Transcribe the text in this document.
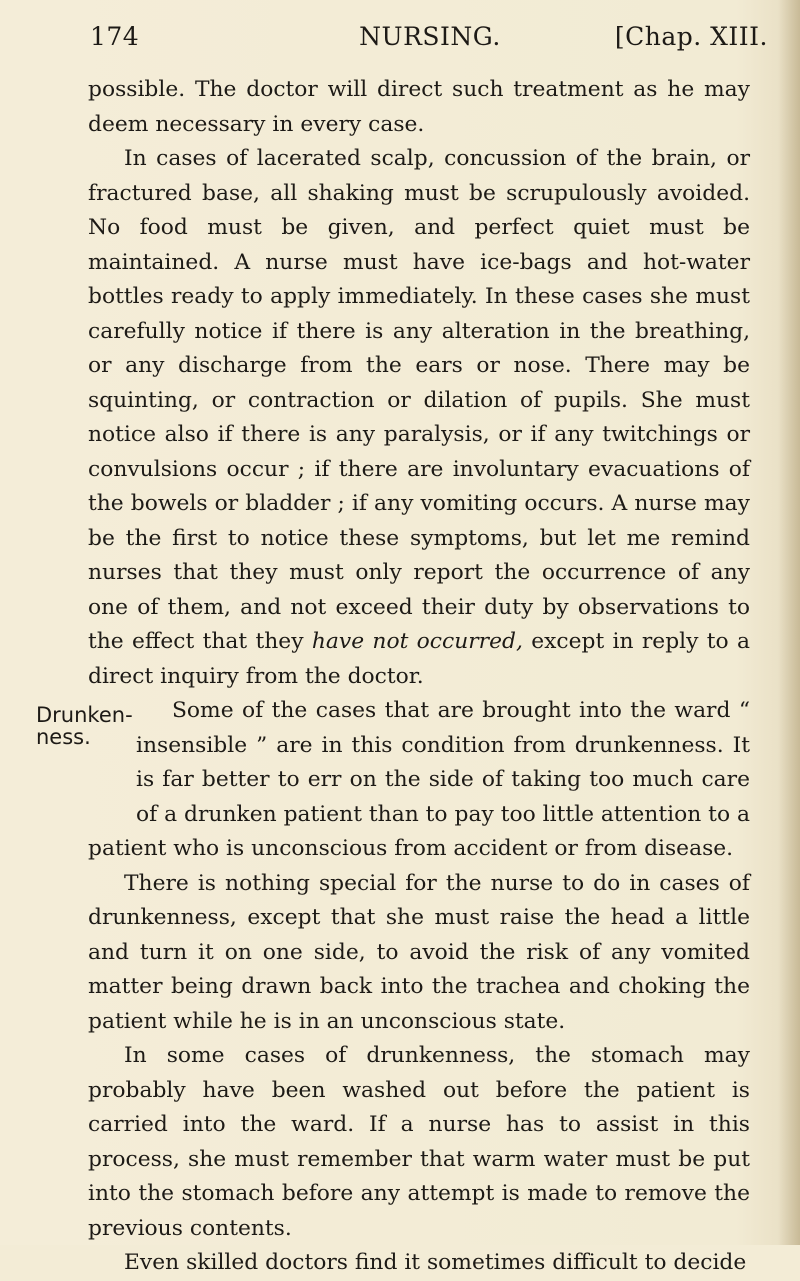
174	NURSING.	[Chap. XIII.

possible. The doctor will direct such treatment as he may deem necessary in every case.

In cases of lacerated scalp, concussion of the brain, or fractured base, all shaking must be scrupulously avoided. No food must be given, and perfect quiet must be maintained. A nurse must have ice-bags and hot-water bottles ready to apply immediately. In these cases she must carefully notice if there is any alteration in the breathing, or any discharge from the ears or nose. There may be squinting, or contraction or dilation of pupils. She must notice also if there is any paralysis, or if any twitchings or convulsions occur ; if there are involuntary evacuations of the bowels or bladder ; if any vomiting occurs. A nurse may be the first to notice these symptoms, but let me remind nurses that they must only report the occurrence of any one of them, and not exceed their duty by observations to the effect that they have not occurred, except in reply to a direct inquiry from the doctor.

Drunken-
ness.
Some of the cases that are brought into the ward “ insensible ” are in this condition from drunkenness. It is far better to err on the side of taking too much care of a drunken patient than to pay too little attention to a patient who is unconscious from accident or from disease.

There is nothing special for the nurse to do in cases of drunkenness, except that she must raise the head a little and turn it on one side, to avoid the risk of any vomited matter being drawn back into the trachea and choking the patient while he is in an unconscious state.

In some cases of drunkenness, the stomach may probably have been washed out before the patient is carried into the ward. If a nurse has to assist in this process, she must remember that warm water must be put into the stomach before any attempt is made to remove the previous contents.

Even skilled doctors find it sometimes difficult to decide
